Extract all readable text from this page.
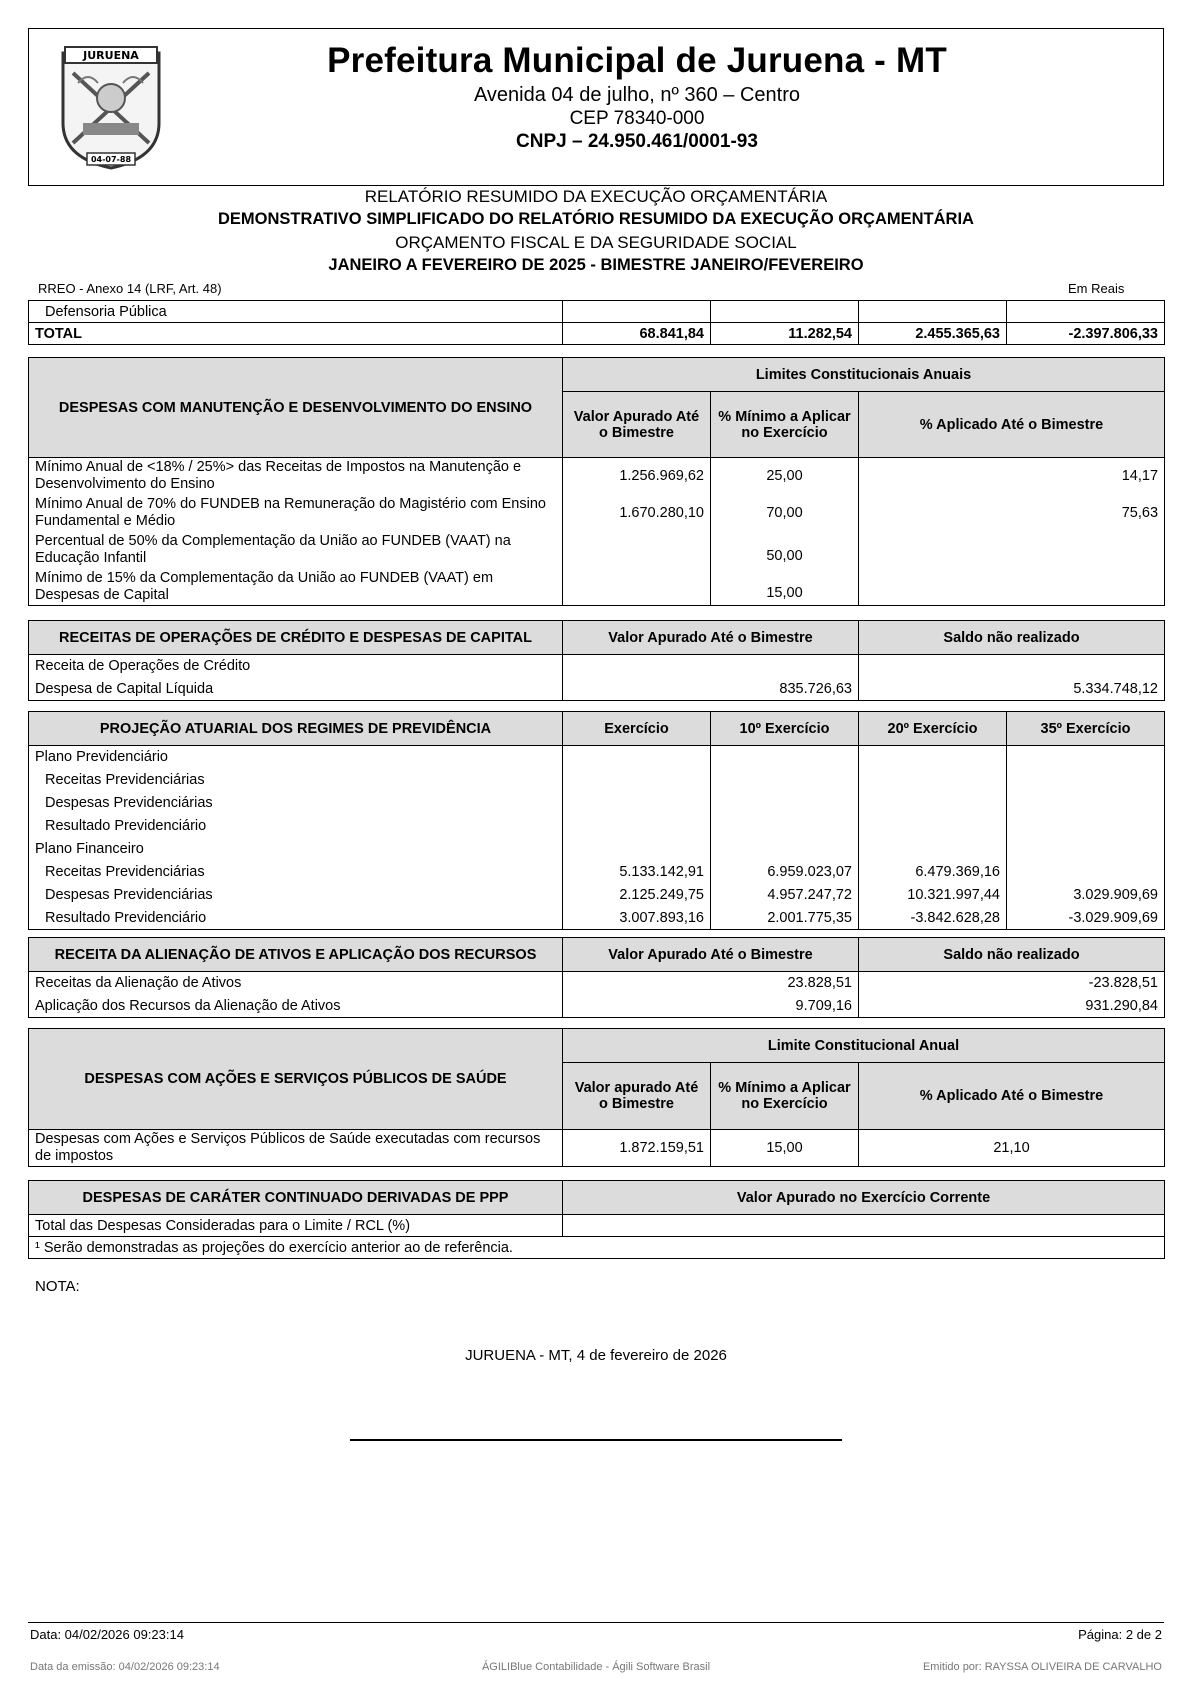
JURUENA
04-07-88
Prefeitura Municipal de Juruena - MT
Avenida 04 de julho, nº 360 – Centro
CEP 78340-000
CNPJ – 24.950.461/0001-93
RELATÓRIO RESUMIDO DA EXECUÇÃO ORÇAMENTÁRIA
DEMONSTRATIVO SIMPLIFICADO DO RELATÓRIO RESUMIDO DA EXECUÇÃO ORÇAMENTÁRIA
ORÇAMENTO FISCAL E DA SEGURIDADE SOCIAL
JANEIRO A FEVEREIRO DE 2025 - BIMESTRE JANEIRO/FEVEREIRO
RREO - Anexo 14 (LRF, Art. 48)	Em Reais
Defensoria Pública				
TOTAL	68.841,84	11.282,54	2.455.365,63	-2.397.806,33
DESPESAS COM MANUTENÇÃO E DESENVOLVIMENTO DO ENSINO	Limites Constitucionais Anuais		
	Valor Apurado Até o Bimestre	% Mínimo a Aplicar no Exercício	% Aplicado Até o Bimestre
Mínimo Anual de <18% / 25%> das Receitas de Impostos na Manutenção e Desenvolvimento do Ensino	1.256.969,62	25,00	14,17
Mínimo Anual de 70% do FUNDEB na Remuneração do Magistério com Ensino Fundamental e Médio	1.670.280,10	70,00	75,63
Percentual de 50% da Complementação da União ao FUNDEB (VAAT) na Educação Infantil		50,00	
Mínimo de 15% da Complementação da União ao FUNDEB (VAAT) em Despesas de Capital		15,00	
RECEITAS DE OPERAÇÕES DE CRÉDITO E DESPESAS DE CAPITAL	Valor Apurado Até o Bimestre	Saldo não realizado
Receita de Operações de Crédito		
Despesa de Capital Líquida	835.726,63	5.334.748,12
PROJEÇÃO ATUARIAL DOS REGIMES DE PREVIDÊNCIA	Exercício	10º Exercício	20º Exercício	35º Exercício
Plano Previdenciário				
Receitas Previdenciárias				
Despesas Previdenciárias				
Resultado Previdenciário				
Plano Financeiro				
Receitas Previdenciárias	5.133.142,91	6.959.023,07	6.479.369,16	
Despesas Previdenciárias	2.125.249,75	4.957.247,72	10.321.997,44	3.029.909,69
Resultado Previdenciário	3.007.893,16	2.001.775,35	-3.842.628,28	-3.029.909,69
RECEITA DA ALIENAÇÃO DE ATIVOS E APLICAÇÃO DOS RECURSOS	Valor Apurado Até o Bimestre	Saldo não realizado
Receitas da Alienação de Ativos	23.828,51	-23.828,51
Aplicação dos Recursos da Alienação de Ativos	9.709,16	931.290,84
DESPESAS COM AÇÕES E SERVIÇOS PÚBLICOS DE SAÚDE	Limite Constitucional Anual		
	Valor apurado Até o Bimestre	% Mínimo a Aplicar no Exercício	% Aplicado Até o Bimestre
Despesas com Ações e Serviços Públicos de Saúde executadas com recursos de impostos	1.872.159,51	15,00	21,10
DESPESAS DE CARÁTER CONTINUADO DERIVADAS DE PPP	Valor Apurado no Exercício Corrente
Total das Despesas Consideradas para o Limite / RCL (%)	
¹ Serão demonstradas as projeções do exercício anterior ao de referência.	
NOTA:
JURUENA - MT, 4 de fevereiro de 2026
Data: 04/02/2026 09:23:14	Página: 2 de 2
Data da emissão: 04/02/2026 09:23:14	ÁGILIBlue Contabilidade - Ágili Software Brasil	Emitido por: RAYSSA OLIVEIRA DE CARVALHO
